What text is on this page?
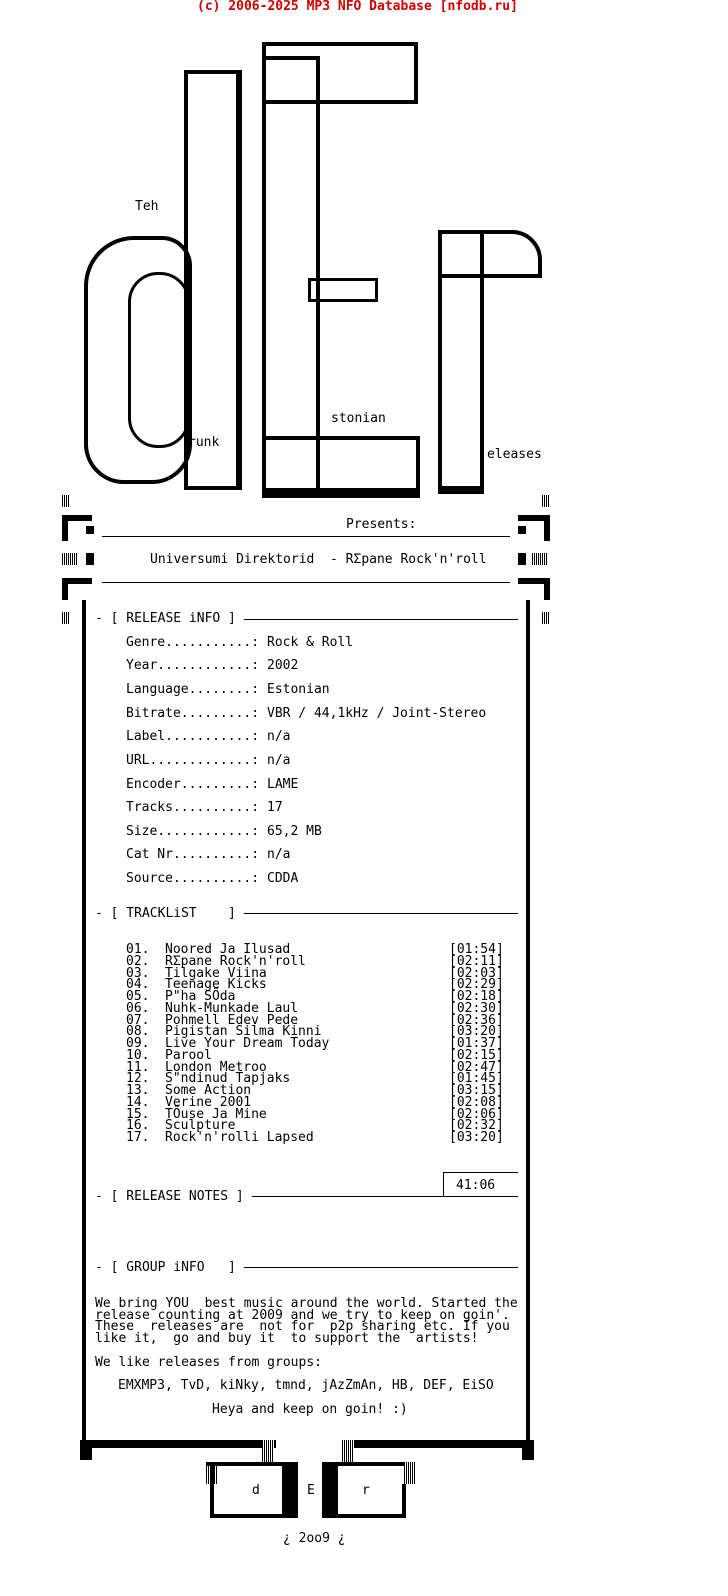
(c) 2006-2025 MP3 NFO Database [nfodb.ru]
Teh
runk
stonian
eleases
Presents:
Universumi Direktorid  - RΣpane Rock'n'roll
- [ RELEASE iNFO ]
Genre...........: Rock & Roll
Year............: 2002
Language........: Estonian
Bitrate.........: VBR / 44,1kHz / Joint-Stereo
Label...........: n/a
URL.............: n/a
Encoder.........: LAME
Tracks..........: 17
Size............: 65,2 MB
Cat Nr..........: n/a
Source..........: CDDA
- [ TRACKLiST    ]
01. Noored Ja Ilusad	[01:54]
02. RΣpane Rock'n'roll	[02:11]
03. Tilgake Viina	[02:03]
04. Teenage Kicks	[02:29]
05. P"ha SÕda	[02:18]
06. Nuhk-Munkade Laul	[02:30]
07. Pohmell Edev Pede	[02:36]
08. Pigistan Silma Kinni	[03:20]
09. Live Your Dream Today	[01:37]
10. Parool	[02:15]
11. London Metroo	[02:47]
12. S"ndinud Tapjaks	[01:45]
13. Some Action	[03:15]
14. Verine 2001	[02:08]
15. TÕuse Ja Mine	[02:06]
16. Sculpture	[02:32]
17. Rock'n'rolli Lapsed	[03:20]
41:06
- [ RELEASE NOTES ]
- [ GROUP iNFO   ]
We bring YOU  best music around the world. Started the
release counting at 2009 and we try to keep on goin'.
These  releases are  not for  p2p sharing etc. If you
like it,  go and buy it  to support the  artists!
We like releases from groups:
EMXMP3, TvD, kiNky, tmnd, jAzZmAn, HB, DEF, EiSO
Heya and keep on goin! :)
d	E	r
¿ 2oo9 ¿
